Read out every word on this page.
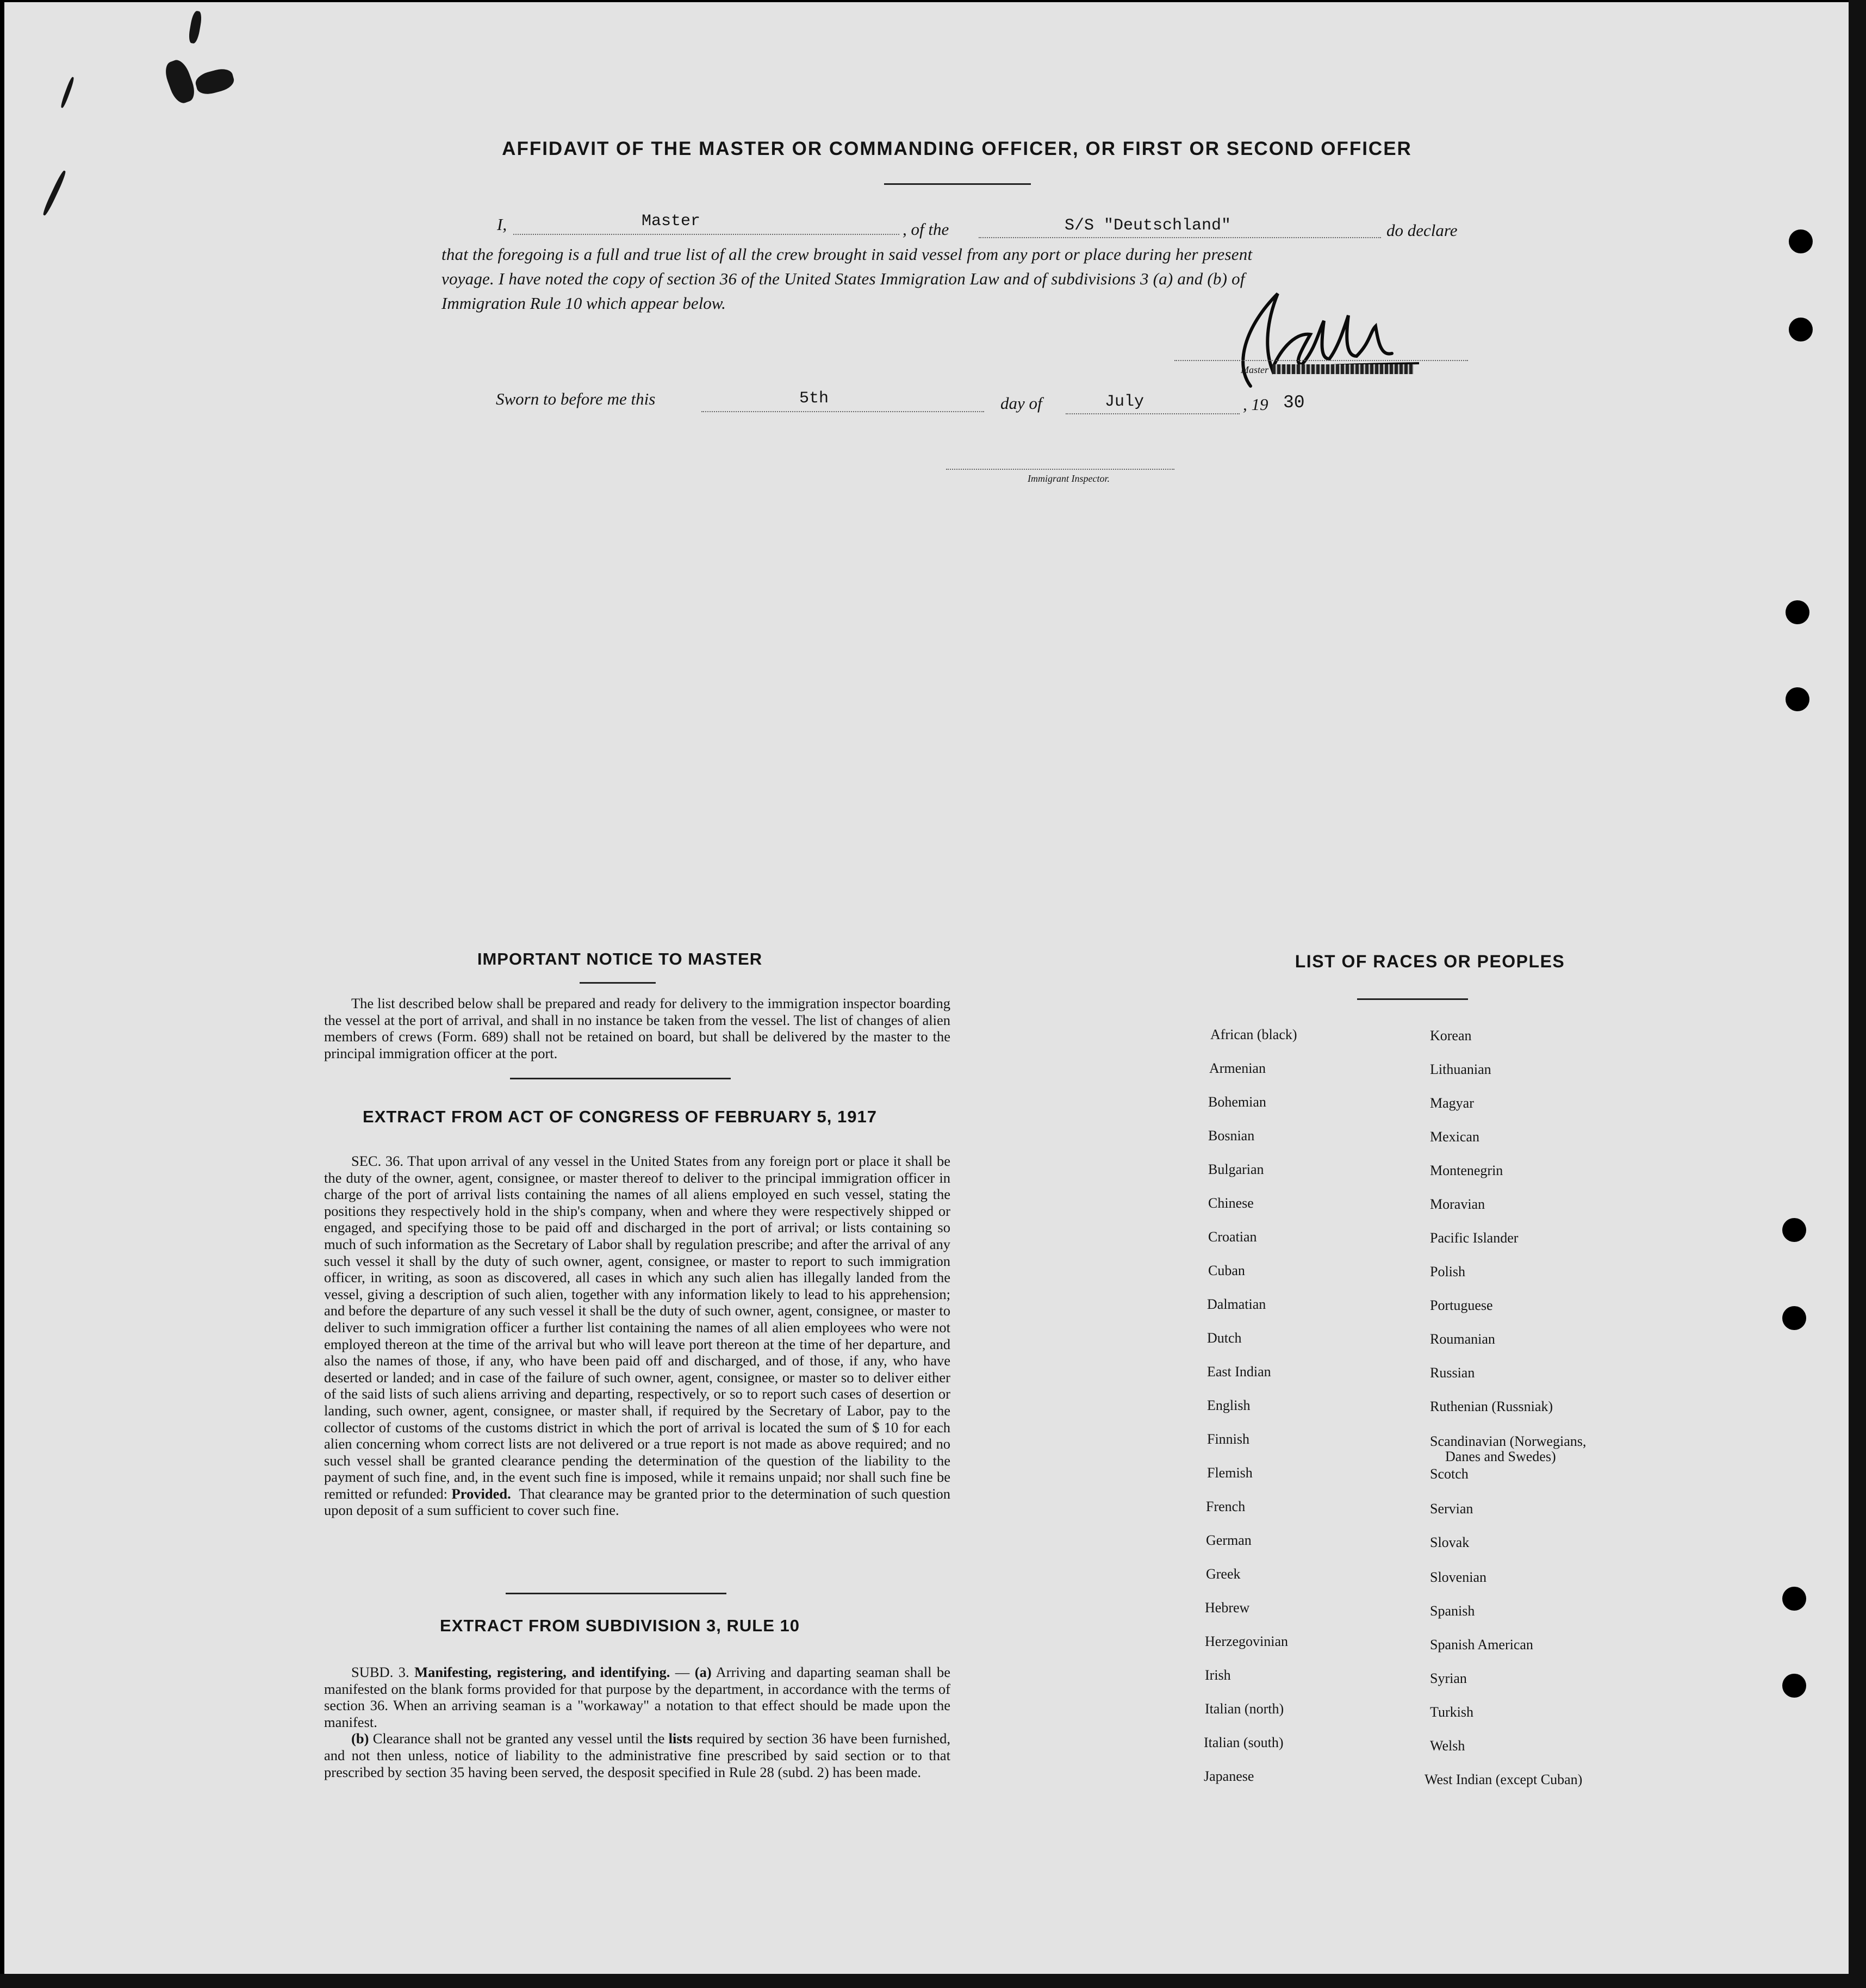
AFFIDAVIT OF THE MASTER OR COMMANDING OFFICER, OR FIRST OR SECOND OFFICER
I,	Master	, of the	S/S "Deutschland"	do declare
that the foregoing is a full and true list of all the crew brought in said vessel from any port or place during her present
voyage. I have noted the copy of section 36 of the United States Immigration Law and of subdivisions 3 (a) and (b) of
Immigration Rule 10 which appear below.
Master
Sworn to before me this	5th	day of	July	, 19 30
Immigrant Inspector.
IMPORTANT NOTICE TO MASTER
The list described below shall be prepared and ready for delivery to the immigration inspector boarding the vessel at the port of arrival, and shall in no instance be taken from the vessel. The list of changes of alien members of crews (Form. 689) shall not be retained on board, but shall be delivered by the master to the principal immigration officer at the port.
EXTRACT FROM ACT OF CONGRESS OF FEBRUARY 5, 1917

SEC. 36. That upon arrival of any vessel in the United States from any foreign port or place it shall be the duty of the owner, agent, consignee, or master thereof to deliver to the principal immigration officer in charge of the port of arrival lists containing the names of all aliens employed en such vessel, stating the positions they respectively hold in the ship's company, when and where they were respectively shipped or engaged, and specifying those to be paid off and discharged in the port of arrival; or lists containing so much of such information as the Secretary of Labor shall by regulation prescribe; and after the arrival of any such vessel it shall by the duty of such owner, agent, consignee, or master to report to such immigration officer, in writing, as soon as discovered, all cases in which any such alien has illegally landed from the vessel, giving a description of such alien, together with any information likely to lead to his apprehension; and before the departure of any such vessel it shall be the duty of such owner, agent, consignee, or master to deliver to such immigration officer a further list containing the names of all alien employees who were not employed thereon at the time of the arrival but who will leave port thereon at the time of her departure, and also the names of those, if any, who have been paid off and discharged, and of those, if any, who have deserted or landed; and in case of the failure of such owner, agent, consignee, or master so to deliver either of the said lists of such aliens arriving and departing, respectively, or so to report such cases of desertion or landing, such owner, agent, consignee, or master shall, if required by the Secretary of Labor, pay to the collector of customs of the customs district in which the port of arrival is located the sum of $ 10 for each alien concerning whom correct lists are not delivered or a true report is not made as above required; and no such vessel shall be granted clearance pending the determination of the question of the liability to the payment of such fine, and, in the event such fine is imposed, while it remains unpaid; nor shall such fine be remitted or refunded: Provided. That clearance may be granted prior to the determination of such question upon deposit of a sum sufficient to cover such fine.

EXTRACT FROM SUBDIVISION 3, RULE 10

SUBD. 3. Manifesting, registering, and identifying. — (a) Arriving and daparting seaman shall be manifested on the blank forms provided for that purpose by the department, in accordance with the terms of section 36. When an arriving seaman is a "workaway" a notation to that effect should be made upon the manifest.

(b) Clearance shall not be granted any vessel until the lists required by section 36 have been furnished, and not then unless, notice of liability to the administrative fine prescribed by said section or to that prescribed by section 35 having been served, the desposit specified in Rule 28 (subd. 2) has been made.

LIST OF RACES OR PEOPLES
African (black)
Armenian
Bohemian
Bosnian
Bulgarian
Chinese
Croatian
Cuban
Dalmatian
Dutch
East Indian
English
Finnish
Flemish
French
German
Greek
Hebrew
Herzegovinian
Irish
Italian (north)
Italian (south)
Japanese
Korean
Lithuanian
Magyar
Mexican
Montenegrin
Moravian
Pacific Islander
Polish
Portuguese
Roumanian
Russian
Ruthenian (Russniak)
Scandinavian (Norwegians,
Danes and Swedes)
Scotch
Servian
Slovak
Slovenian
Spanish
Spanish American
Syrian
Turkish
Welsh
West Indian (except Cuban)
